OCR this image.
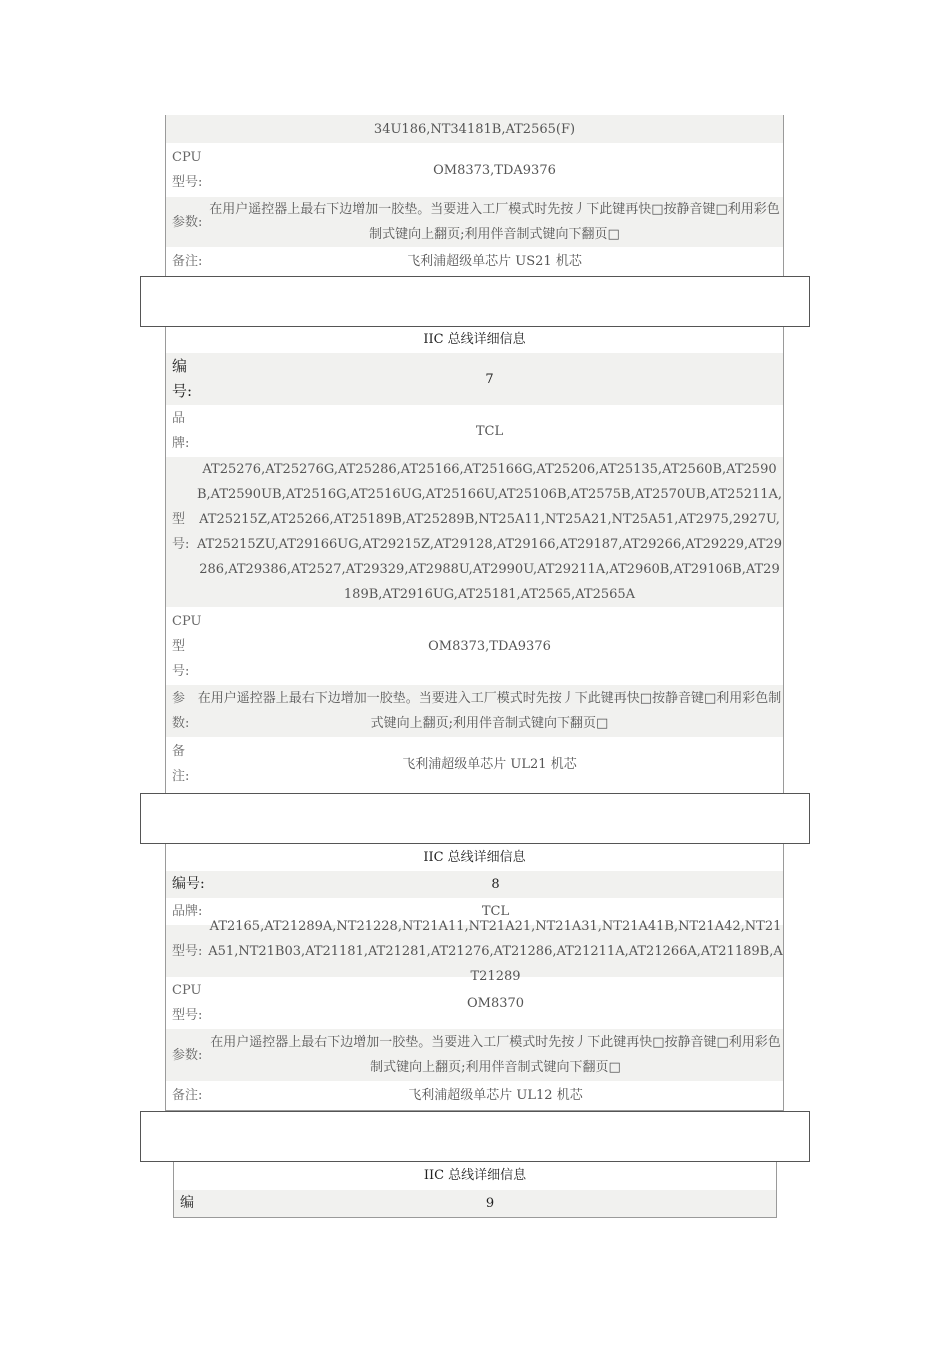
34U186,NT34181B,AT2565(F)
CPU型号:
OM8373,TDA9376
参数:
在用户遥控器上最右下边增加一胶垫。当要进入工厂模式时先按丿下此键再快□按静音键□利用彩色制式键向上翻页;利用伴音制式键向下翻页□
备注:	飞利浦超级单芯片 US21 机芯
IIC 总线详细信息
编号:
7
品牌:
TCL
型号:
AT25276,AT25276G,AT25286,AT25166,AT25166G,AT25206,AT25135,AT2560B,AT2590B,AT2590UB,AT2516G,AT2516UG,AT25166U,AT25106B,AT2575B,AT2570UB,AT25211A,AT25215Z,AT25266,AT25189B,AT25289B,NT25A11,NT25A21,NT25A51,AT2975,2927U,AT25215ZU,AT29166UG,AT29215Z,AT29128,AT29166,AT29187,AT29266,AT29229,AT29286,AT29386,AT2527,AT29329,AT2988U,AT2990U,AT29211A,AT2960B,AT29106B,AT29189B,AT2916UG,AT25181,AT2565,AT2565A
CPU型号:
OM8373,TDA9376
参数:
在用户遥控器上最右下边增加一胶垫。当要进入工厂模式时先按丿下此键再快□按静音键□利用彩色制式键向上翻页;利用伴音制式键向下翻页□
备注:
飞利浦超级单芯片 UL21 机芯
IIC 总线详细信息
编号:	8
品牌:	TCL
型号:
AT2165,AT21289A,NT21228,NT21A11,NT21A21,NT21A31,NT21A41B,NT21A42,NT21A51,NT21B03,AT21181,AT21281,AT21276,AT21286,AT21211A,AT21266A,AT21189B,AT21289
CPU型号:
OM8370
参数:
在用户遥控器上最右下边增加一胶垫。当要进入工厂模式时先按丿下此键再快□按静音键□利用彩色制式键向上翻页;利用伴音制式键向下翻页□
备注:	飞利浦超级单芯片 UL12 机芯
IIC 总线详细信息
编	9
